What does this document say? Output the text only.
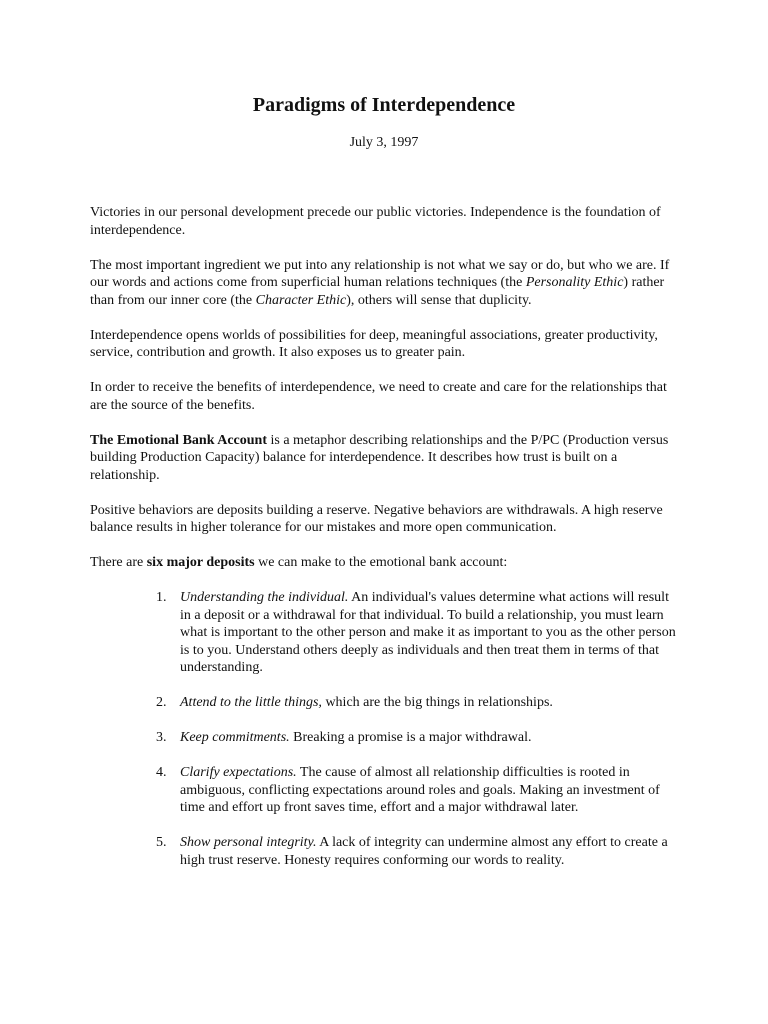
Paradigms of Interdependence
July 3, 1997

Victories in our personal development precede our public victories. Independence is the foundation of interdependence.

The most important ingredient we put into any relationship is not what we say or do, but who we are. If our words and actions come from superficial human relations techniques (the Personality Ethic) rather than from our inner core (the Character Ethic), others will sense that duplicity.

Interdependence opens worlds of possibilities for deep, meaningful associations, greater productivity, service, contribution and growth. It also exposes us to greater pain.

In order to receive the benefits of interdependence, we need to create and care for the relationships that are the source of the benefits.

The Emotional Bank Account is a metaphor describing relationships and the P/PC (Production versus building Production Capacity) balance for interdependence. It describes how trust is built on a relationship.

Positive behaviors are deposits building a reserve. Negative behaviors are withdrawals. A high reserve balance results in higher tolerance for our mistakes and more open communication.

There are six major deposits we can make to the emotional bank account:

1. Understanding the individual. An individual's values determine what actions will result in a deposit or a withdrawal for that individual. To build a relationship, you must learn what is important to the other person and make it as important to you as the other person is to you. Understand others deeply as individuals and then treat them in terms of that understanding.
2. Attend to the little things, which are the big things in relationships.
3. Keep commitments. Breaking a promise is a major withdrawal.
4. Clarify expectations. The cause of almost all relationship difficulties is rooted in ambiguous, conflicting expectations around roles and goals. Making an investment of time and effort up front saves time, effort and a major withdrawal later.
5. Show personal integrity. A lack of integrity can undermine almost any effort to create a high trust reserve. Honesty requires conforming our words to reality.
